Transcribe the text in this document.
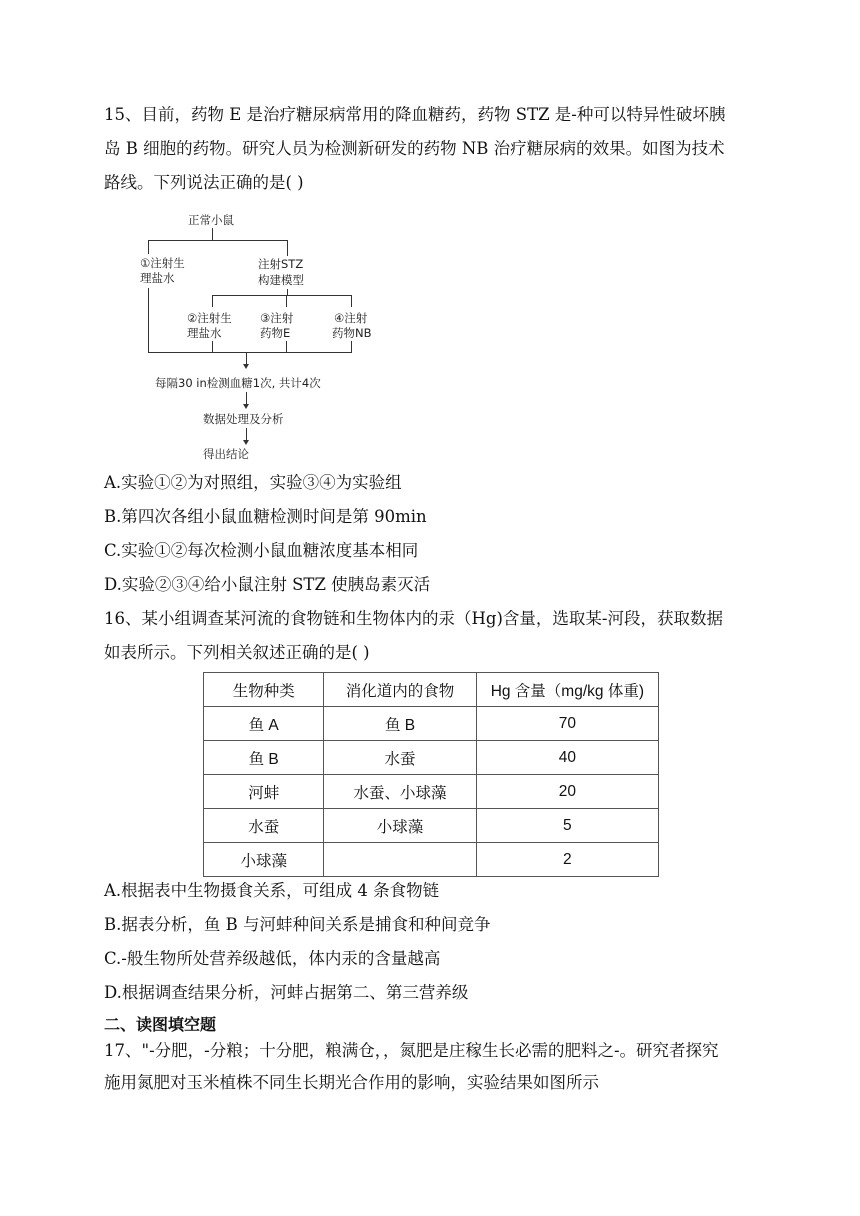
15、目前，药物 E 是治疗糖尿病常用的降血糖药，药物 STZ 是-种可以特异性破坏胰
岛 B 细胞的药物。研究人员为检测新研发的药物 NB 治疗糖尿病的效果。如图为技术
路线。下列说法正确的是( )
正常小鼠
①注射生
理盐水
注射STZ
构建模型
②注射生
理盐水
③注射
药物E
④注射
药物NB
每隔30 in检测血糖1次, 共计4次
数据处理及分析
得出结论
A.实验①②为对照组，实验③④为实验组
B.第四次各组小鼠血糖检测时间是第 90min
C.实验①②每次检测小鼠血糖浓度基本相同
D.实验②③④给小鼠注射 STZ 使胰岛素灭活
16、某小组调查某河流的食物链和生物体内的汞（Hg)含量，选取某-河段，获取数据
如表所示。下列相关叙述正确的是( )
生物种类	消化道内的食物	Hg 含量（mg/kg 体重)
鱼 A	鱼 B	70
鱼 B	水蚕	40
河蚌	水蚕、小球藻	20
水蚕	小球藻	5
小球藻		2
A.根据表中生物摄食关系，可组成 4 条食物链
B.据表分析，鱼 B 与河蚌种间关系是捕食和种间竞争
C.-般生物所处营养级越低，体内汞的含量越高
D.根据调查结果分析，河蚌占据第二、第三营养级
二、读图填空题
17、"-分肥，-分粮；十分肥，粮满仓，，氮肥是庄稼生长必需的肥料之-。研究者探究
施用氮肥对玉米植株不同生长期光合作用的影响，实验结果如图所示
